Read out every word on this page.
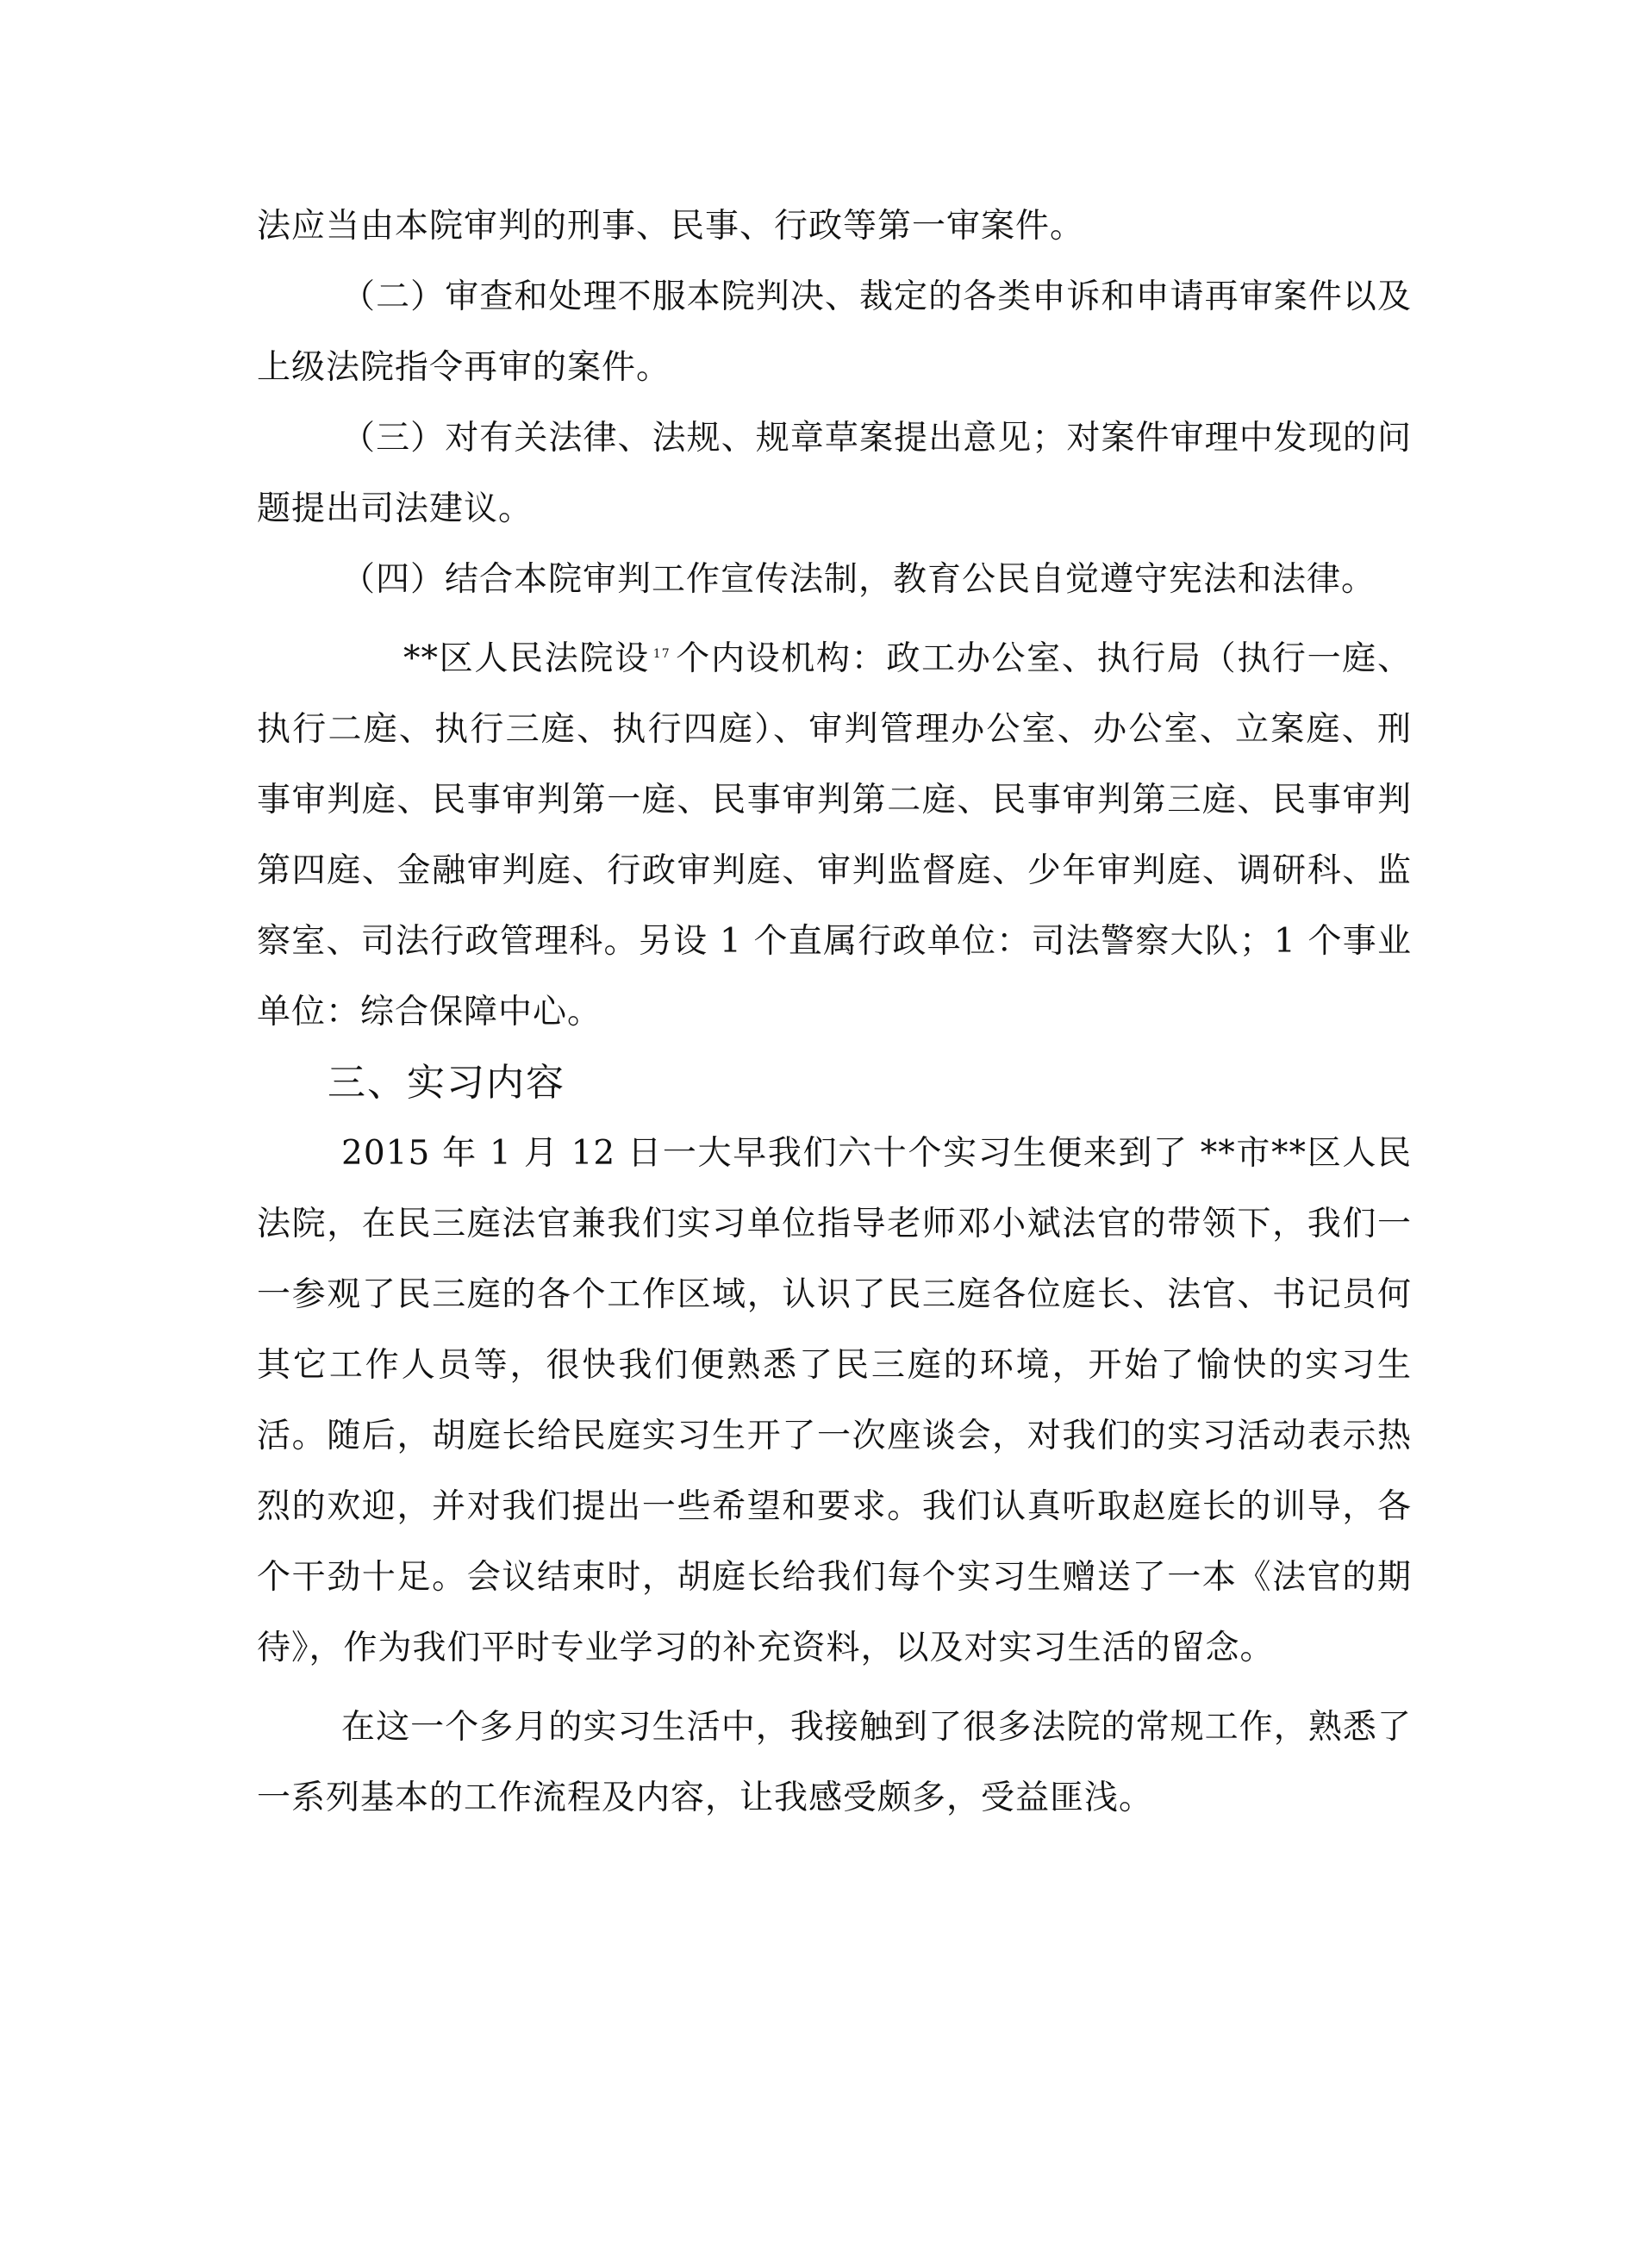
法应当由本院审判的刑事、民事、行政等第一审案件。

（二）审查和处理不服本院判决、裁定的各类申诉和申请再审案件以及上级法院指令再审的案件。

（三）对有关法律、法规、规章草案提出意见；对案件审理中发现的问题提出司法建议。

（四）结合本院审判工作宣传法制，教育公民自觉遵守宪法和法律。

**区人民法院设 $^{17}$ 个内设机构：政工办公室、执行局（执行一庭、执行二庭、执行三庭、执行四庭）、审判管理办公室、办公室、立案庭、刑事审判庭、民事审判第一庭、民事审判第二庭、民事审判第三庭、民事审判第四庭、金融审判庭、行政审判庭、审判监督庭、少年审判庭、调研科、监察室、司法行政管理科。另设 1 个直属行政单位：司法警察大队；1 个事业单位：综合保障中心。

三、实习内容

2015 年 1 月 12 日一大早我们六十个实习生便来到了 **市**区人民法院，在民三庭法官兼我们实习单位指导老师邓小斌法官的带领下，我们一一参观了民三庭的各个工作区域，认识了民三庭各位庭长、法官、书记员何其它工作人员等，很快我们便熟悉了民三庭的环境，开始了愉快的实习生活。随后，胡庭长给民庭实习生开了一次座谈会，对我们的实习活动表示热烈的欢迎，并对我们提出一些希望和要求。我们认真听取赵庭长的训导，各个干劲十足。会议结束时，胡庭长给我们每个实习生赠送了一本《法官的期待》，作为我们平时专业学习的补充资料，以及对实习生活的留念。

在这一个多月的实习生活中，我接触到了很多法院的常规工作，熟悉了一系列基本的工作流程及内容，让我感受颇多，受益匪浅。
